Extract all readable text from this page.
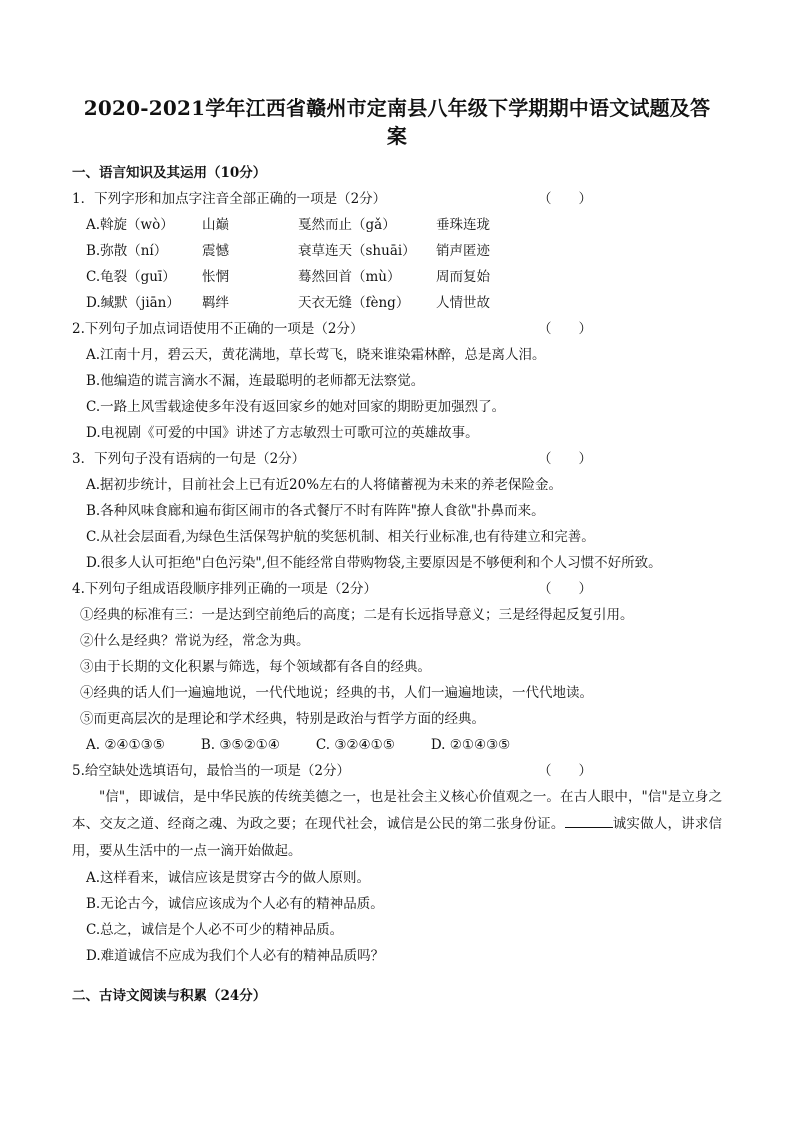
2020-2021学年江西省赣州市定南县八年级下学期期中语文试题及答
案
一、语言知识及其运用（10分）
1．下列字形和加点字注音全部正确的一项是（2分）	（　　）
A.斡旋（wò） 山巅	戛然而止（gǎ）	垂珠连珑
B.弥散（ní）	震憾	衰草连天（shuāi） 销声匿迹
C.龟裂（guī） 怅惘	蓦然回首（mù）	周而复始
D.缄默（jiān） 羁绊	天衣无缝（fèng） 人情世故
2.下列句子加点词语使用不正确的一项是（2分）	（　　）
A.江南十月，碧云天，黄花满地，草长莺飞，晓来谁染霜林醉，总是离人泪。
B.他编造的谎言滴水不漏，连最聪明的老师都无法察觉。
C.一路上风雪载途使多年没有返回家乡的她对回家的期盼更加强烈了。
D.电视剧《可爱的中国》讲述了方志敏烈士可歌可泣的英雄故事。
3．下列句子没有语病的一句是（2分）	（　　）
A.据初步统计，目前社会上已有近20%左右的人将储蓄视为未来的养老保险金。
B.各种风味食廊和遍布街区闹市的各式餐厅不时有阵阵"撩人食欲"扑鼻而来。
C.从社会层面看,为绿色生活保驾护航的奖惩机制、相关行业标准,也有待建立和完善。
D.很多人认可拒绝"白色污染",但不能经常自带购物袋,主要原因是不够便利和个人习惯不好所致。
4.下列句子组成语段顺序排列正确的一项是（2分）	（　　）
①经典的标准有三：一是达到空前绝后的高度；二是有长远指导意义；三是经得起反复引用。
②什么是经典？常说为经，常念为典。
③由于长期的文化积累与筛选，每个领域都有各自的经典。
④经典的话人们一遍遍地说，一代代地说；经典的书，人们一遍遍地读，一代代地读。
⑤而更高层次的是理论和学术经典，特别是政治与哲学方面的经典。
A. ②④①③⑤	B. ③⑤②①④	C. ③②④①⑤	D. ②①④③⑤
5.给空缺处选填语句，最恰当的一项是（2分）	（　　）
"信"，即诚信，是中华民族的传统美德之一，也是社会主义核心价值观之一。在古人眼中，"信"是立身之本、交友之道、经商之魂、为政之要；在现代社会，诚信是公民的第二张身份证。	诚实做人，讲求信用，要从生活中的一点一滴开始做起。
A.这样看来，诚信应该是贯穿古今的做人原则。
B.无论古今，诚信应该成为个人必有的精神品质。
C.总之，诚信是个人必不可少的精神品质。
D.难道诚信不应成为我们个人必有的精神品质吗？
二、古诗文阅读与积累（24分）
